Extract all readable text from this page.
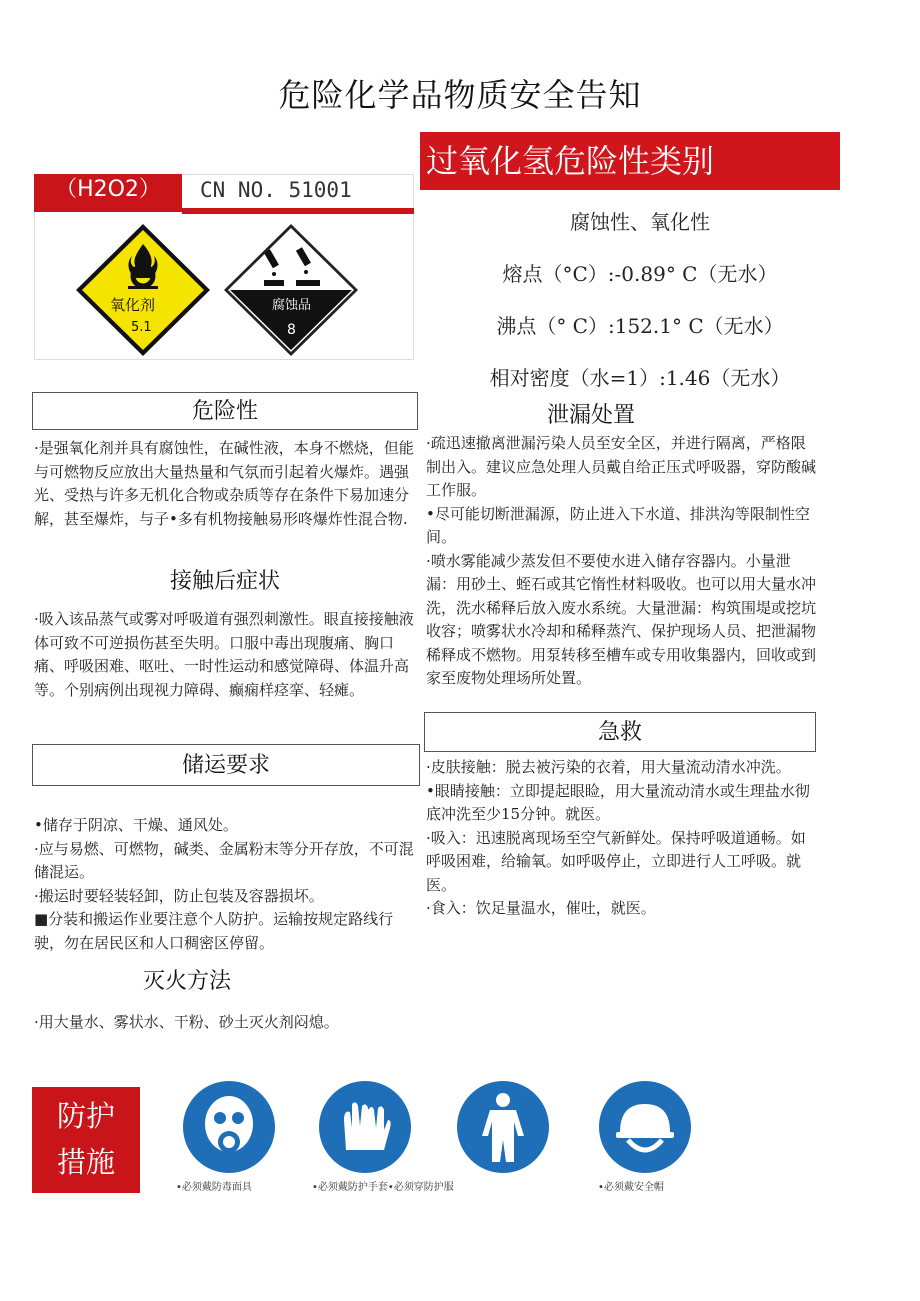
危险化学品物质安全告知
过氧化氢危险性类别
腐蚀性、氧化性
熔点（°C）:-0.89° C（无水）
沸点（° C）:152.1° C（无水）
相对密度（水=1）:1.46（无水）
（H2O2）	CN NO. 51001
氧化剂
5.1
腐蚀品
8
危险性

·是强氧化剂并具有腐蚀性，在碱性液，本身不燃烧，但能与可燃物反应放出大量热量和气氛而引起着火爆炸。遇强光、受热与许多无机化合物或杂质等存在条件下易加速分解，甚至爆炸，与子•多有机物接触易形咚爆炸性混合物.

接触后症状

·吸入该品蒸气或雾对呼吸道有强烈刺激性。眼直接接触液体可致不可逆损伤甚至失明。口服中毒出现腹痛、胸口痛、呼吸困难、呕吐、一时性运动和感觉障碍、体温升高等。个别病例出现视力障碍、癫痫样痉挛、轻瘫。

储运要求

•储存于阴凉、干燥、通风处。

·应与易燃、可燃物，碱类、金属粉末等分开存放，不可混储混运。

·搬运时要轻装轻卸，防止包装及容器损坏。

■分装和搬运作业要注意个人防护。运输按规定路线行驶，勿在居民区和人口稠密区停留。

灭火方法

·用大量水、雾状水、干粉、砂土灭火剂闷熄。

泄漏处置

·疏迅速撤离泄漏污染人员至安全区，并进行隔离，严格限制出入。建议应急处理人员戴自给正压式呼吸器，穿防酸碱工作服。

•尽可能切断泄漏源，防止进入下水道、排洪沟等限制性空间。

·喷水雾能减少蒸发但不要使水进入储存容器内。小量泄漏：用砂土、蛭石或其它惰性材料吸收。也可以用大量水冲洗，洗水稀释后放入废水系统。大量泄漏：构筑围堤或挖坑收容；喷雾状水冷却和稀释蒸汽、保护现场人员、把泄漏物稀释成不燃物。用泵转移至槽车或专用收集器内，回收或到家至废物处理场所处置。

急救

·皮肤接触：脱去被污染的衣着，用大量流动清水冲洗。

•眼睛接触：立即提起眼睑，用大量流动清水或生理盐水彻底冲洗至少15分钟。就医。

·吸入：迅速脱离现场至空气新鲜处。保持呼吸道通畅。如呼吸困难，给输氧。如呼吸停止，立即进行人工呼吸。就医。

·食入：饮足量温水，催吐，就医。

防护
措施
•必须戴防毒面具	•必须戴防护手套•必须穿防护服	•必须戴安全帽
